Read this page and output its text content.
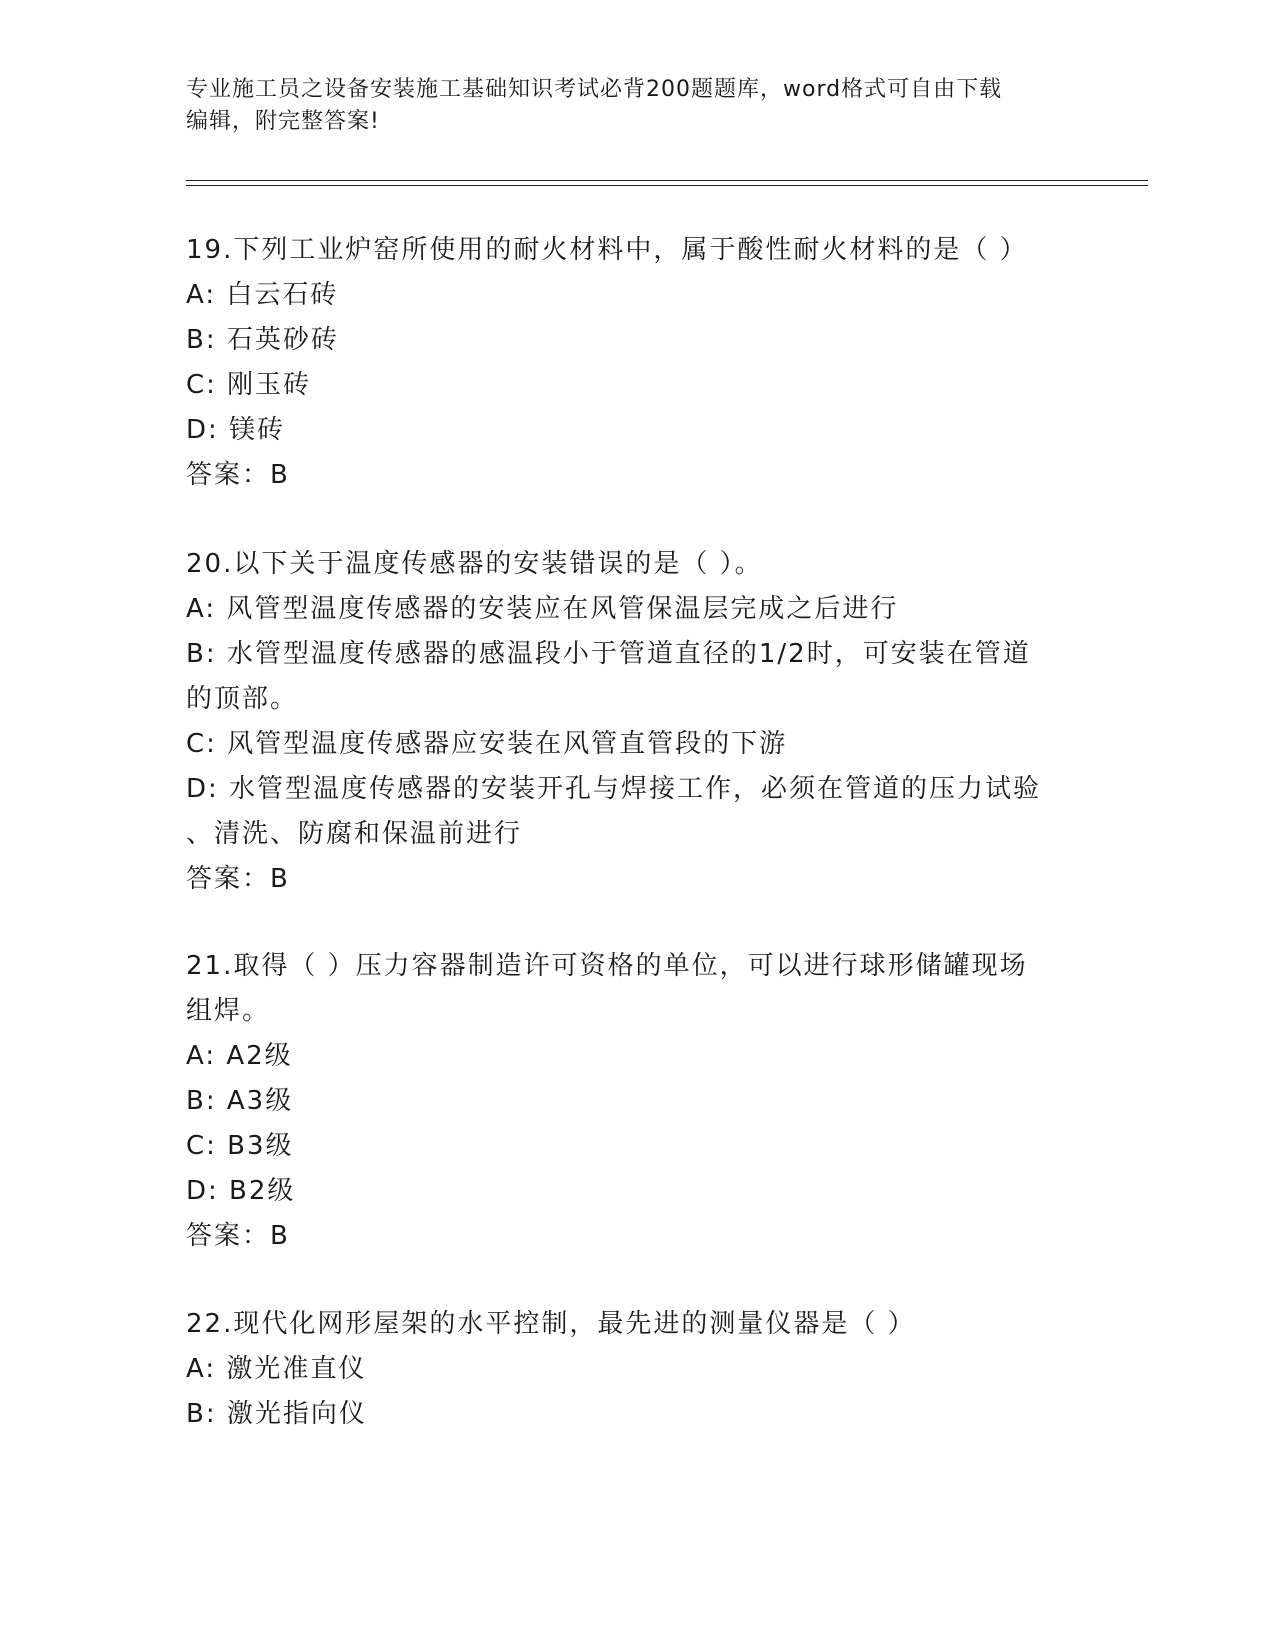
专业施工员之设备安装施工基础知识考试必背200题题库，word格式可自由下载
编辑，附完整答案!
19.下列工业炉窑所使用的耐火材料中，属于酸性耐火材料的是（ ）
A: 白云石砖
B: 石英砂砖
C: 刚玉砖
D: 镁砖
答案：B
20.以下关于温度传感器的安装错误的是（ ）。
A: 风管型温度传感器的安装应在风管保温层完成之后进行
B: 水管型温度传感器的感温段小于管道直径的1/2时，可安装在管道
的顶部。
C: 风管型温度传感器应安装在风管直管段的下游
D: 水管型温度传感器的安装开孔与焊接工作，必须在管道的压力试验
、清洗、防腐和保温前进行
答案：B
21.取得（ ）压力容器制造许可资格的单位，可以进行球形储罐现场
组焊。
A: A2级
B: A3级
C: B3级
D: B2级
答案：B
22.现代化网形屋架的水平控制，最先进的测量仪器是（ ）
A: 激光准直仪
B: 激光指向仪
